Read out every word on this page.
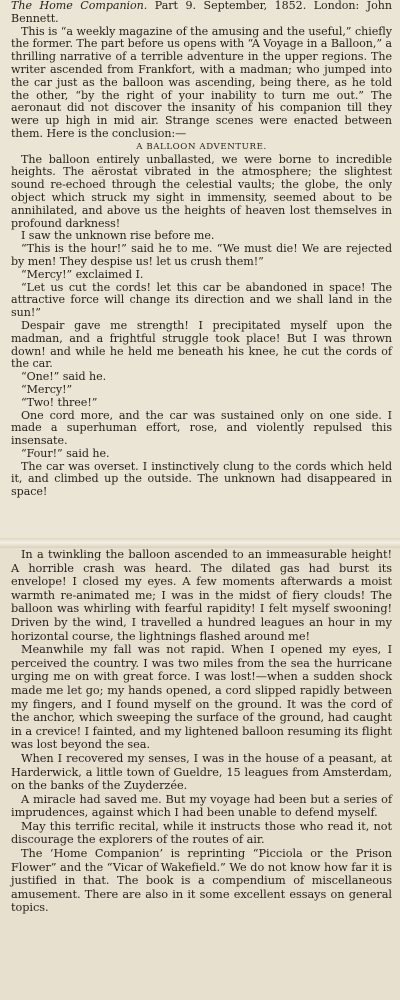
The Home Companion. Part 9. September, 1852. London: John Bennett.

This is “a weekly magazine of the amusing and the useful,” chiefly the former. The part before us opens with “A Voyage in a Balloon,” a thrilling narrative of a terrible adventure in the upper regions. The writer ascended from Frankfort, with a madman; who jumped into the car just as the balloon was ascending, being there, as he told the other, “by the right of your inability to turn me out.” The aeronaut did not discover the insanity of his companion till they were up high in mid air. Strange scenes were enacted between them. Here is the conclusion:—

A BALLOON ADVENTURE.

The balloon entirely unballasted, we were borne to incredible heights. The aërostat vibrated in the atmosphere; the slightest sound re-echoed through the celestial vaults; the globe, the only object which struck my sight in immensity, seemed about to be annihilated, and above us the heights of heaven lost themselves in profound darkness!

I saw the unknown rise before me.

“This is the hour!” said he to me. “We must die! We are rejected by men! They despise us! let us crush them!”

“Mercy!” exclaimed I.

“Let us cut the cords! let this car be abandoned in space! The attractive force will change its direction and we shall land in the sun!”

Despair gave me strength! I precipitated myself upon the madman, and a frightful struggle took place! But I was thrown down! and while he held me beneath his knee, he cut the cords of the car.

“One!” said he.

“Mercy!”

“Two! three!”

One cord more, and the car was sustained only on one side. I made a superhuman effort, rose, and violently repulsed this insensate.

“Four!” said he.

The car was overset. I instinctively clung to the cords which held it, and climbed up the outside. The unknown had disappeared in space!

In a twinkling the balloon ascended to an immeasurable height! A horrible crash was heard. The dilated gas had burst its envelope! I closed my eyes. A few moments afterwards a moist warmth re-animated me; I was in the midst of fiery clouds! The balloon was whirling with fearful rapidity! I felt myself swooning! Driven by the wind, I travelled a hundred leagues an hour in my horizontal course, the lightnings flashed around me!

Meanwhile my fall was not rapid. When I opened my eyes, I perceived the country. I was two miles from the sea the hurricane urging me on with great force. I was lost!—when a sudden shock made me let go; my hands opened, a cord slipped rapidly between my fingers, and I found myself on the ground. It was the cord of the anchor, which sweeping the surface of the ground, had caught in a crevice! I fainted, and my lightened balloon resuming its flight was lost beyond the sea.

When I recovered my senses, I was in the house of a peasant, at Harderwick, a little town of Gueldre, 15 leagues from Amsterdam, on the banks of the Zuyderzée.

A miracle had saved me. But my voyage had been but a series of imprudences, against which I had been unable to defend myself.

May this terrific recital, while it instructs those who read it, not discourage the explorers of the routes of air.

The ‘Home Companion’ is reprinting “Picciola or the Prison Flower” and the “Vicar of Wakefield.” We do not know how far it is justified in that. The book is a compendium of miscellaneous amusement. There are also in it some excellent essays on general topics.
